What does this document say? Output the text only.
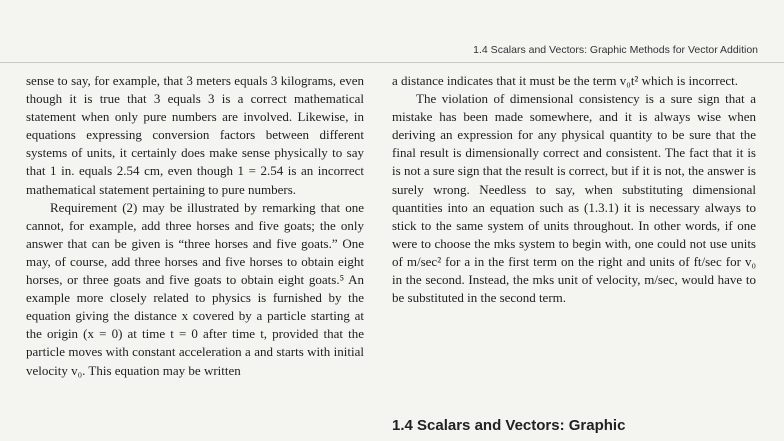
1.4 Scalars and Vectors: Graphic Methods for Vector Addition

sense to say, for example, that 3 meters equals 3 kilograms, even though it is true that 3 equals 3 is a correct mathematical statement when only pure numbers are involved. Likewise, in equations expressing conversion factors between different systems of units, it certainly does make sense physically to say that 1 in. equals 2.54 cm, even though 1 = 2.54 is an incorrect mathematical statement pertaining to pure numbers.

Requirement (2) may be illustrated by remarking that one cannot, for example, add three horses and five goats; the only answer that can be given is “three horses and five goats.” One may, of course, add three horses and five horses to obtain eight horses, or three goats and five goats to obtain eight goats.⁵ An example more closely related to physics is furnished by the equation giving the distance x covered by a particle starting at the origin (x = 0) at time t = 0 after time t, provided that the particle moves with constant acceleration a and starts with initial velocity v₀. This equation may be written

a distance indicates that it must be the term v₀t² which is incorrect.

The violation of dimensional consistency is a sure sign that a mistake has been made somewhere, and it is always wise when deriving an expression for any physical quantity to be sure that the final result is dimensionally correct and consistent. The fact that it is is not a sure sign that the result is correct, but if it is not, the answer is surely wrong. Needless to say, when substituting dimensional quantities into an equation such as (1.3.1) it is necessary always to stick to the same system of units throughout. In other words, if one were to choose the mks system to begin with, one could not use units of m/sec² for a in the first term on the right and units of ft/sec for v₀ in the second. Instead, the mks unit of velocity, m/sec, would have to be substituted in the second term.

1.4 Scalars and Vectors: Graphic
